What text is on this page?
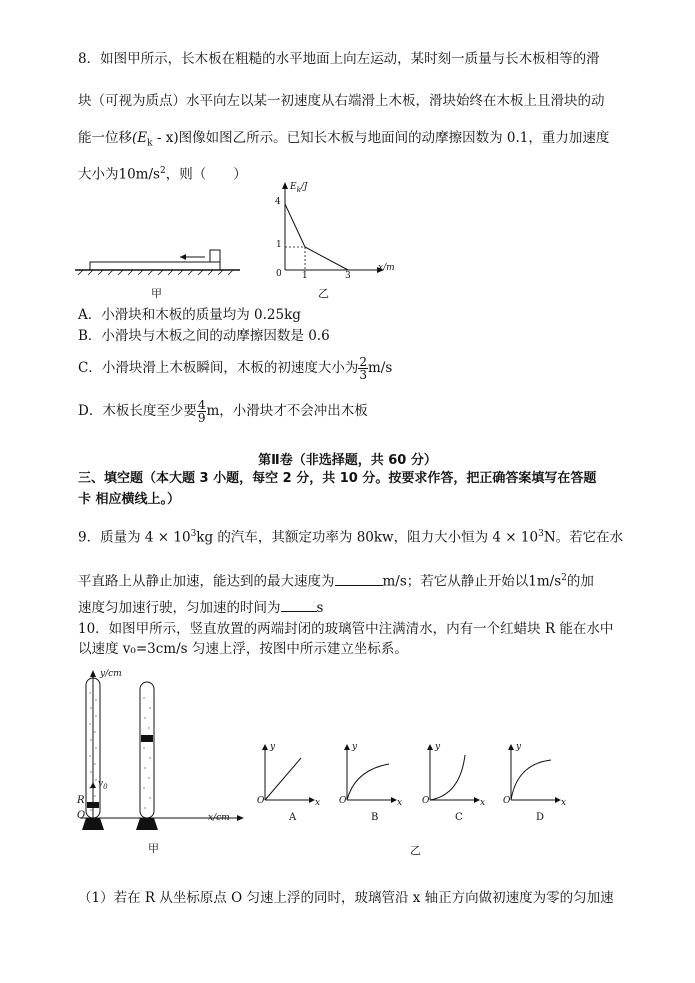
8．如图甲所示，长木板在粗糙的水平地面上向左运动，某时刻一质量与长木板相等的滑
块（可视为质点）水平向左以某一初速度从右端滑上木板，滑块始终在木板上且滑块的动
能一位移$(E_k - x)$图像如图乙所示。已知长木板与地面间的动摩擦因数为 0.1，重力加速度
大小为$10m/s^2$，则（　　）
甲
$E_k/J$
4
1
0 1	3
x/m
乙
A．小滑块和木板的质量均为 0.25kg
B．小滑块与木板之间的动摩擦因数是 0.6
C．小滑块滑上木板瞬间，木板的初速度大小为 $\frac{2}{3} m/s$
D．木板长度至少要 $\frac{4}{9}$ m，小滑块才不会冲出木板
第Ⅱ卷（非选择题，共 60 分）
三、填空题（本大题 3 小题，每空 2 分，共 10 分。按要求作答，把正确答案填写在答题
卡 相应横线上。）
9．质量为 $4 \times 10^3kg$ 的汽车，其额定功率为 80kw，阻力大小恒为 $4 \times 10^3N$。若它在水
平直路上从静止加速，能达到的最大速度为	m/s；若它从静止开始以$1m/s^2$的加
速度匀加速行驶，匀加速的时间为	s
10．如图甲所示，竖直放置的两端封闭的玻璃管中注满清水，内有一个红蜡块 R 能在水中
以速度 v₀=3cm/s 匀速上浮，按图中所示建立坐标系。
y/cm
$v_0$
R
O	x/cm
甲
y
O	x
A
y
O	x
B
y
O	x
C
y
O	x
D
乙
（1）若在 R 从坐标原点 O 匀速上浮的同时，玻璃管沿 x 轴正方向做初速度为零的匀加速
